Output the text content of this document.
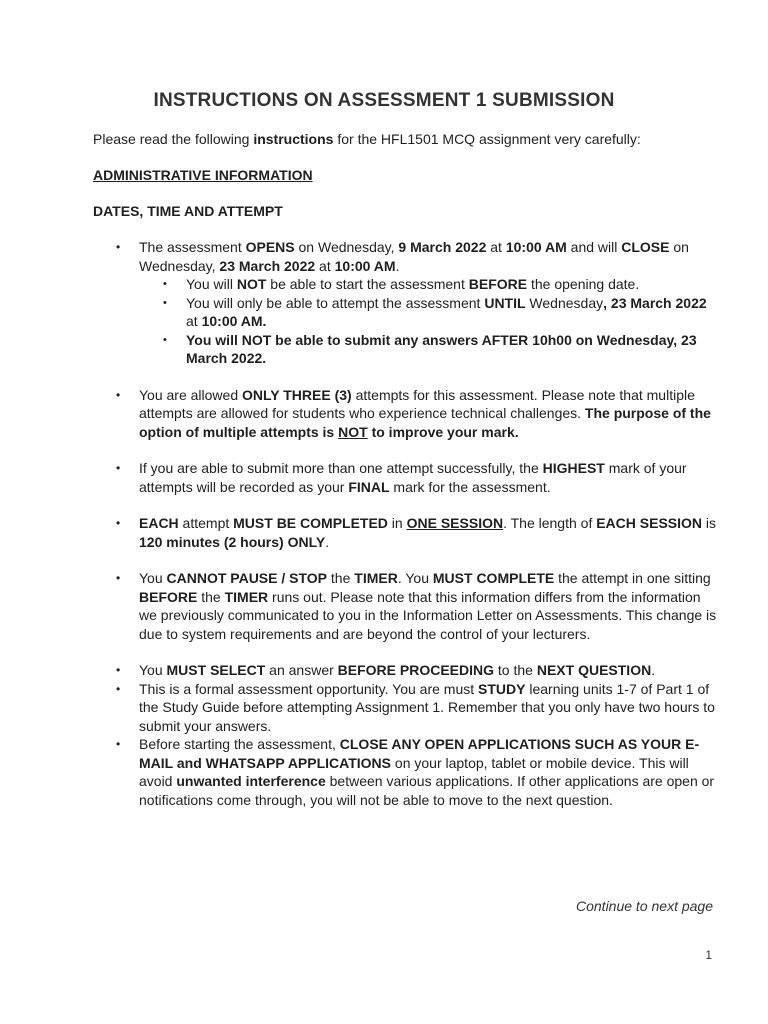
INSTRUCTIONS ON ASSESSMENT 1 SUBMISSION
Please read the following instructions for the HFL1501 MCQ assignment very carefully:
ADMINISTRATIVE INFORMATION
DATES, TIME AND ATTEMPT
• The assessment OPENS on Wednesday, 9 March 2022 at 10:00 AM and will CLOSE on Wednesday, 23 March 2022 at 10:00 AM.
• You will NOT be able to start the assessment BEFORE the opening date.
• You will only be able to attempt the assessment UNTIL Wednesday, 23 March 2022 at 10:00 AM.
• You will NOT be able to submit any answers AFTER 10h00 on Wednesday, 23 March 2022.
• You are allowed ONLY THREE (3) attempts for this assessment. Please note that multiple attempts are allowed for students who experience technical challenges. The purpose of the option of multiple attempts is NOT to improve your mark.
• If you are able to submit more than one attempt successfully, the HIGHEST mark of your attempts will be recorded as your FINAL mark for the assessment.
• EACH attempt MUST BE COMPLETED in ONE SESSION. The length of EACH SESSION is 120 minutes (2 hours) ONLY.
• You CANNOT PAUSE / STOP the TIMER. You MUST COMPLETE the attempt in one sitting BEFORE the TIMER runs out. Please note that this information differs from the information we previously communicated to you in the Information Letter on Assessments. This change is due to system requirements and are beyond the control of your lecturers.
• You MUST SELECT an answer BEFORE PROCEEDING to the NEXT QUESTION.
• This is a formal assessment opportunity. You are must STUDY learning units 1-7 of Part 1 of the Study Guide before attempting Assignment 1. Remember that you only have two hours to submit your answers.
• Before starting the assessment, CLOSE ANY OPEN APPLICATIONS SUCH AS YOUR E-MAIL and WHATSAPP APPLICATIONS on your laptop, tablet or mobile device. This will avoid unwanted interference between various applications. If other applications are open or notifications come through, you will not be able to move to the next question.
Continue to next page
1
